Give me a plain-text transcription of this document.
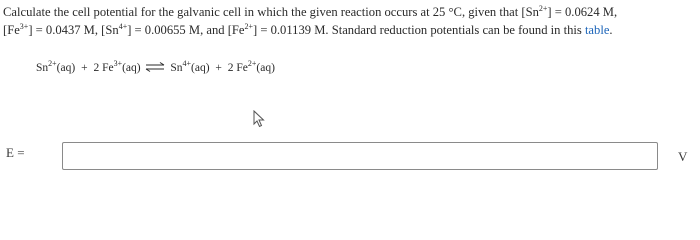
Calculate the cell potential for the galvanic cell in which the given reaction occurs at 25 °C, given that $[Sn^{2+}] = 0.0624$ M,
$[Fe^{3+}] = 0.0437$ M, $[Sn^{4+}] = 0.00655$ M, and $[Fe^{2+}] = 0.01139$ M. Standard reduction potentials can be found in this table.
$Sn^{2+}(aq) + 2$ $Fe^{3+}(aq)$ ⇌ $Sn^{4+}(aq) + 2$ $Fe^{2+}(aq)$
E =	V
